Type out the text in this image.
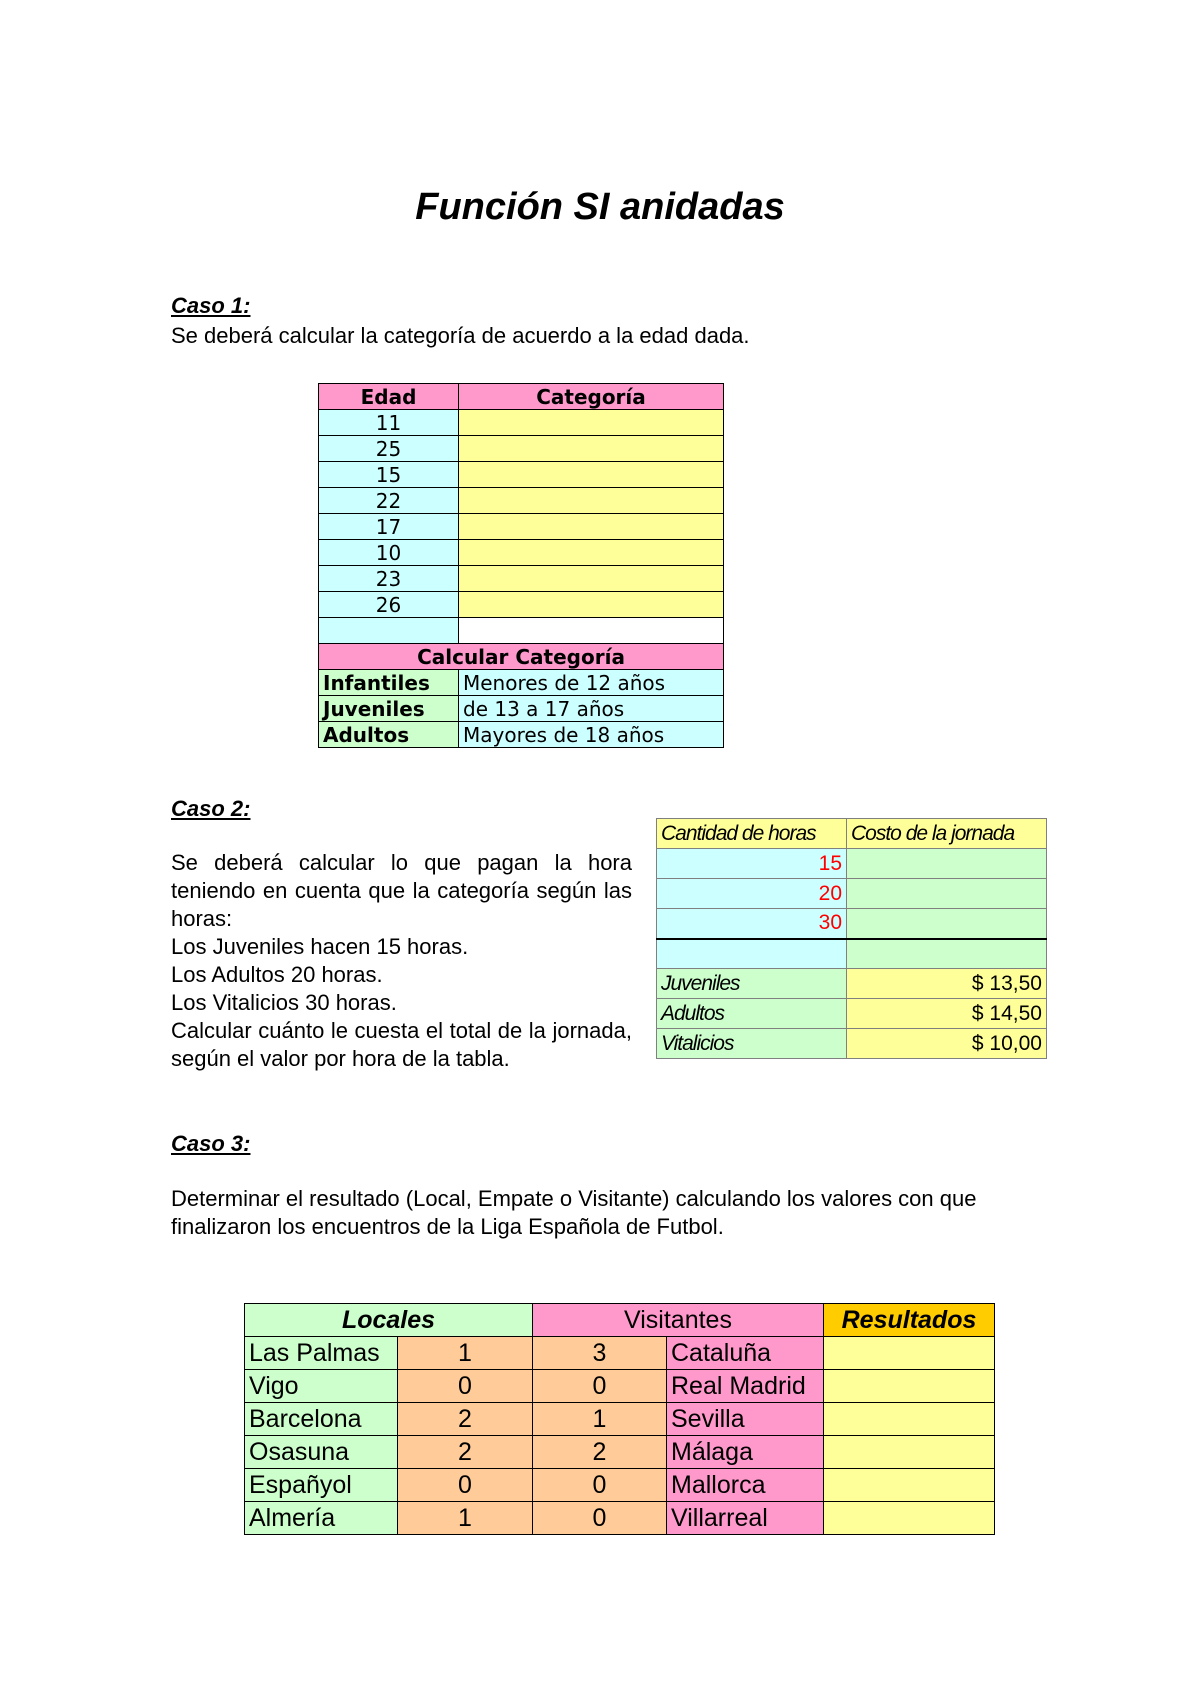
Función SI anidadas

Caso 1:

Se deberá calcular la categoría de acuerdo a la edad dada.

Edad	Categoría
11	
25	
15	
22	
17	
10	
23	
26	

Calcular Categoría	
Infantiles	Menores de 12 años
Juveniles	de 13 a 17 años
Adultos	Mayores de 18 años

Caso 2:

Se deberá calcular lo que pagan la hora teniendo en cuenta que la categoría según las horas:
Los Juveniles hacen 15 horas.
Los Adultos 20 horas.
Los Vitalicios 30 horas.
Calcular cuánto le cuesta el total de la jornada, según el valor por hora de la tabla.
Cantidad de horas	Costo de la jornada
15	
20	
30	

Juveniles	$ 13,50
Adultos	$ 14,50
Vitalicios	$ 10,00

Caso 3:

Determinar el resultado (Local, Empate o Visitante) calculando los valores con que finalizaron los encuentros de la Liga Española de Futbol.

Locales		Visitantes		Resultados
Las Palmas	1	3	Cataluña	
Vigo	0	0	Real Madrid	
Barcelona	2	1	Sevilla	
Osasuna	2	2	Málaga	
Españyol	0	0	Mallorca	
Almería	1	0	Villarreal	
